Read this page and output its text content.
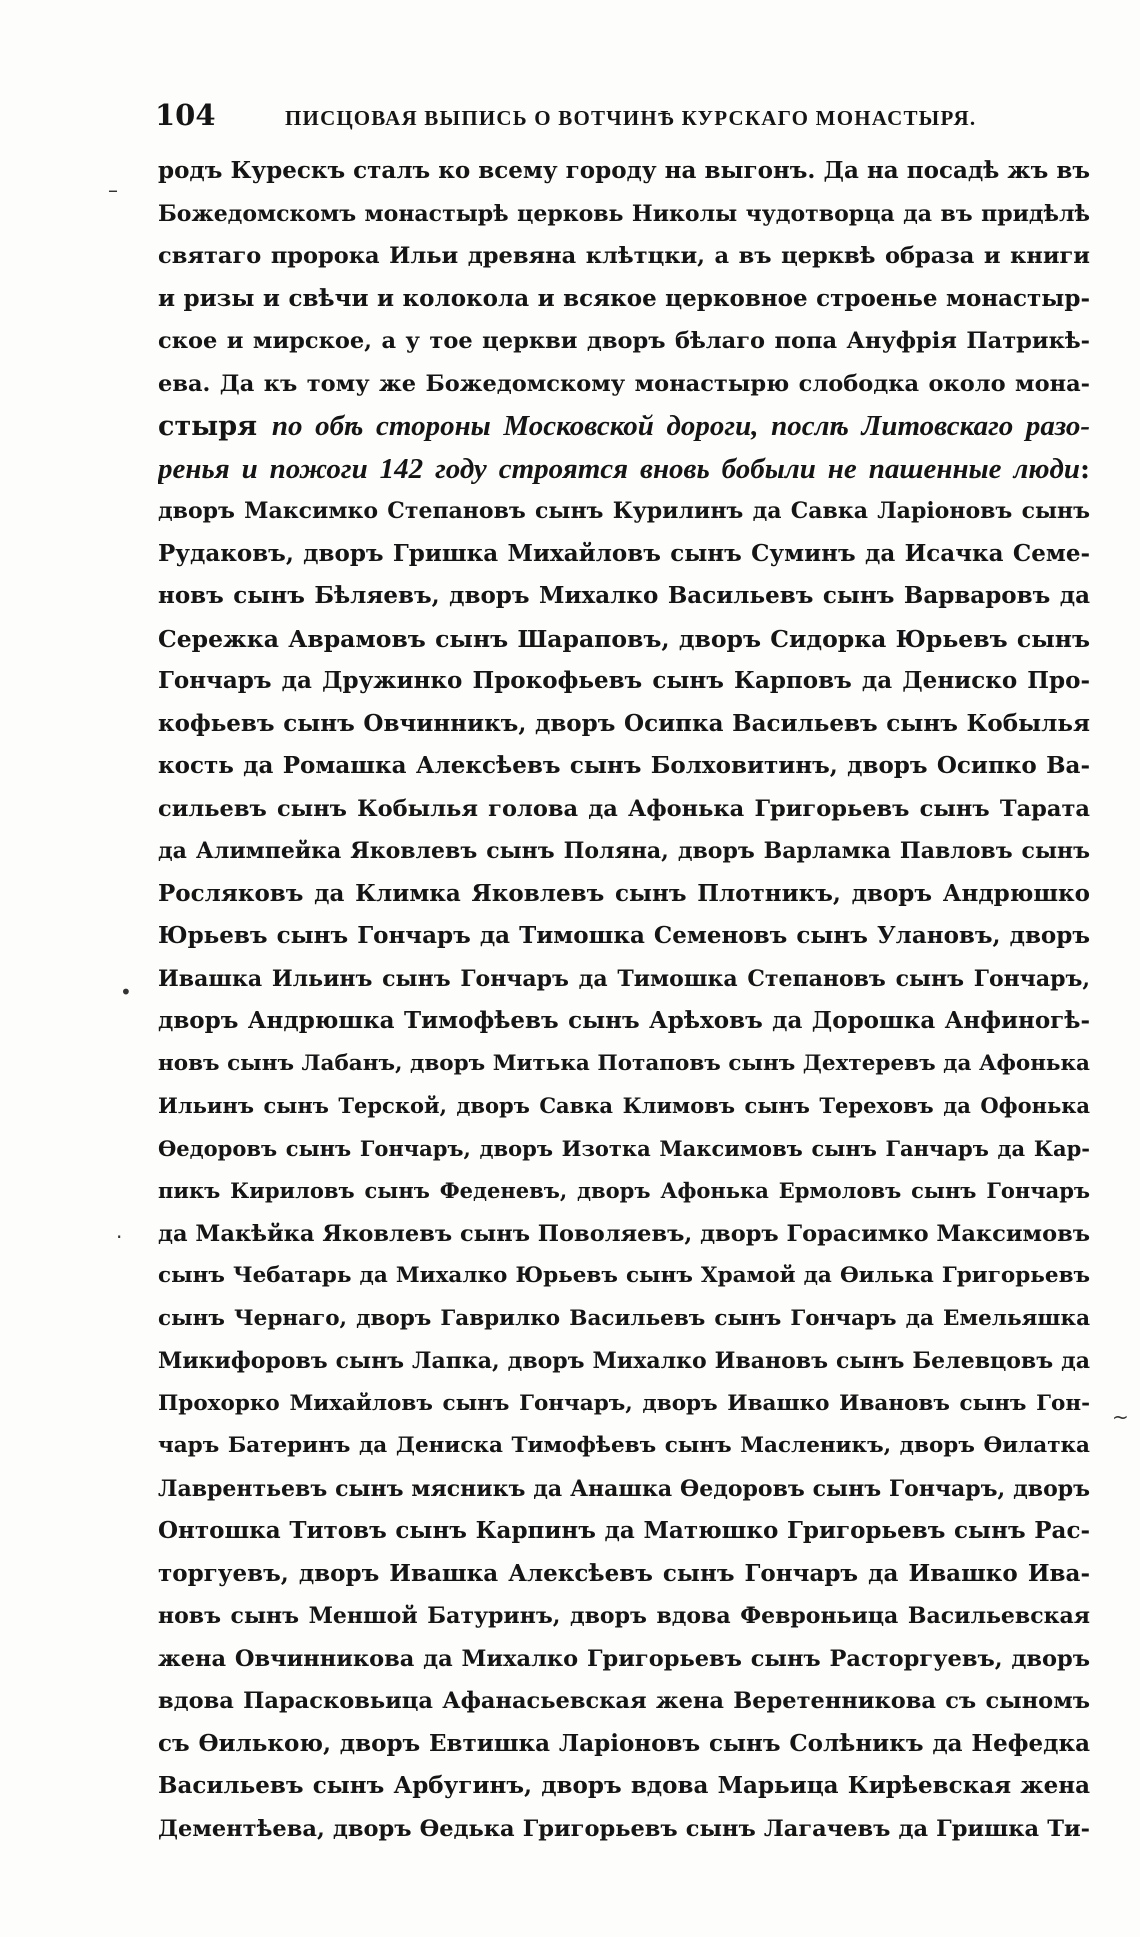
104	ПИСЦОВАЯ ВЫПИСЬ О ВОТЧИНѢ КУРСКАГО МОНАСТЫРЯ.
–
•
·
~
родъ Курескъ сталъ ко всему городу на выгонъ. Да на посадѣ жъ въ
Божедомскомъ монастырѣ церковь Николы чудотворца да въ придѣлѣ
святаго пророка Ильи древяна клѣтцки, а въ церквѣ образа и книги
и ризы и свѣчи и колокола и всякое церковное строенье монастыр-
ское и мирское, а у тое церкви дворъ бѣлаго попа Ануфрія Патрикѣ-
ева. Да къ тому же Божедомскому монастырю слободка около мона-
стыря по обѣ стороны Московской дороги, послѣ Литовскаго разо-
ренья и пожоги 142 году строятся вновь бобыли не пашенные люди:
дворъ Максимко Степановъ сынъ Курилинъ да Савка Ларіоновъ сынъ
Рудаковъ, дворъ Гришка Михайловъ сынъ Суминъ да Исачка Семе-
новъ сынъ Бѣляевъ, дворъ Михалко Васильевъ сынъ Варваровъ да
Сережка Аврамовъ сынъ Шараповъ, дворъ Сидорка Юрьевъ сынъ
Гончаръ да Дружинко Прокофьевъ сынъ Карповъ да Дениско Про-
кофьевъ сынъ Овчинникъ, дворъ Осипка Васильевъ сынъ Кобылья
кость да Ромашка Алексѣевъ сынъ Болховитинъ, дворъ Осипко Ва-
сильевъ сынъ Кобылья голова да Афонька Григорьевъ сынъ Тарата
да Алимпейка Яковлевъ сынъ Поляна, дворъ Варламка Павловъ сынъ
Росляковъ да Климка Яковлевъ сынъ Плотникъ, дворъ Андрюшко
Юрьевъ сынъ Гончаръ да Тимошка Семеновъ сынъ Улановъ, дворъ
Ивашка Ильинъ сынъ Гончаръ да Тимошка Степановъ сынъ Гончаръ,
дворъ Андрюшка Тимофѣевъ сынъ Арѣховъ да Дорошка Анфиногѣ-
новъ сынъ Лабанъ, дворъ Митька Потаповъ сынъ Дехтеревъ да Афонька
Ильинъ сынъ Терской, дворъ Савка Климовъ сынъ Тереховъ да Офонька
Ѳедоровъ сынъ Гончаръ, дворъ Изотка Максимовъ сынъ Ганчаръ да Кар-
пикъ Кириловъ сынъ Феденевъ, дворъ Афонька Ермоловъ сынъ Гончаръ
да Макѣйка Яковлевъ сынъ Поволяевъ, дворъ Горасимко Максимовъ
сынъ Чебатарь да Михалко Юрьевъ сынъ Храмой да Ѳилька Григорьевъ
сынъ Чернаго, дворъ Гаврилко Васильевъ сынъ Гончаръ да Емельяшка
Микифоровъ сынъ Лапка, дворъ Михалко Ивановъ сынъ Белевцовъ да
Прохорко Михайловъ сынъ Гончаръ, дворъ Ивашко Ивановъ сынъ Гон-
чаръ Батеринъ да Дениска Тимофѣевъ сынъ Масленикъ, дворъ Ѳилатка
Лаврентьевъ сынъ мясникъ да Анашка Ѳедоровъ сынъ Гончаръ, дворъ
Онтошка Титовъ сынъ Карпинъ да Матюшко Григорьевъ сынъ Рас-
торгуевъ, дворъ Ивашка Алексѣевъ сынъ Гончаръ да Ивашко Ива-
новъ сынъ Меншой Батуринъ, дворъ вдова Февроньица Васильевская
жена Овчинникова да Михалко Григорьевъ сынъ Расторгуевъ, дворъ
вдова Парасковьица Афанасьевская жена Веретенникова съ сыномъ
съ Ѳилькою, дворъ Евтишка Ларіоновъ сынъ Солѣникъ да Нефедка
Васильевъ сынъ Арбугинъ, дворъ вдова Марьица Кирѣевская жена
Дементѣева, дворъ Ѳедька Григорьевъ сынъ Лагачевъ да Гришка Ти-
